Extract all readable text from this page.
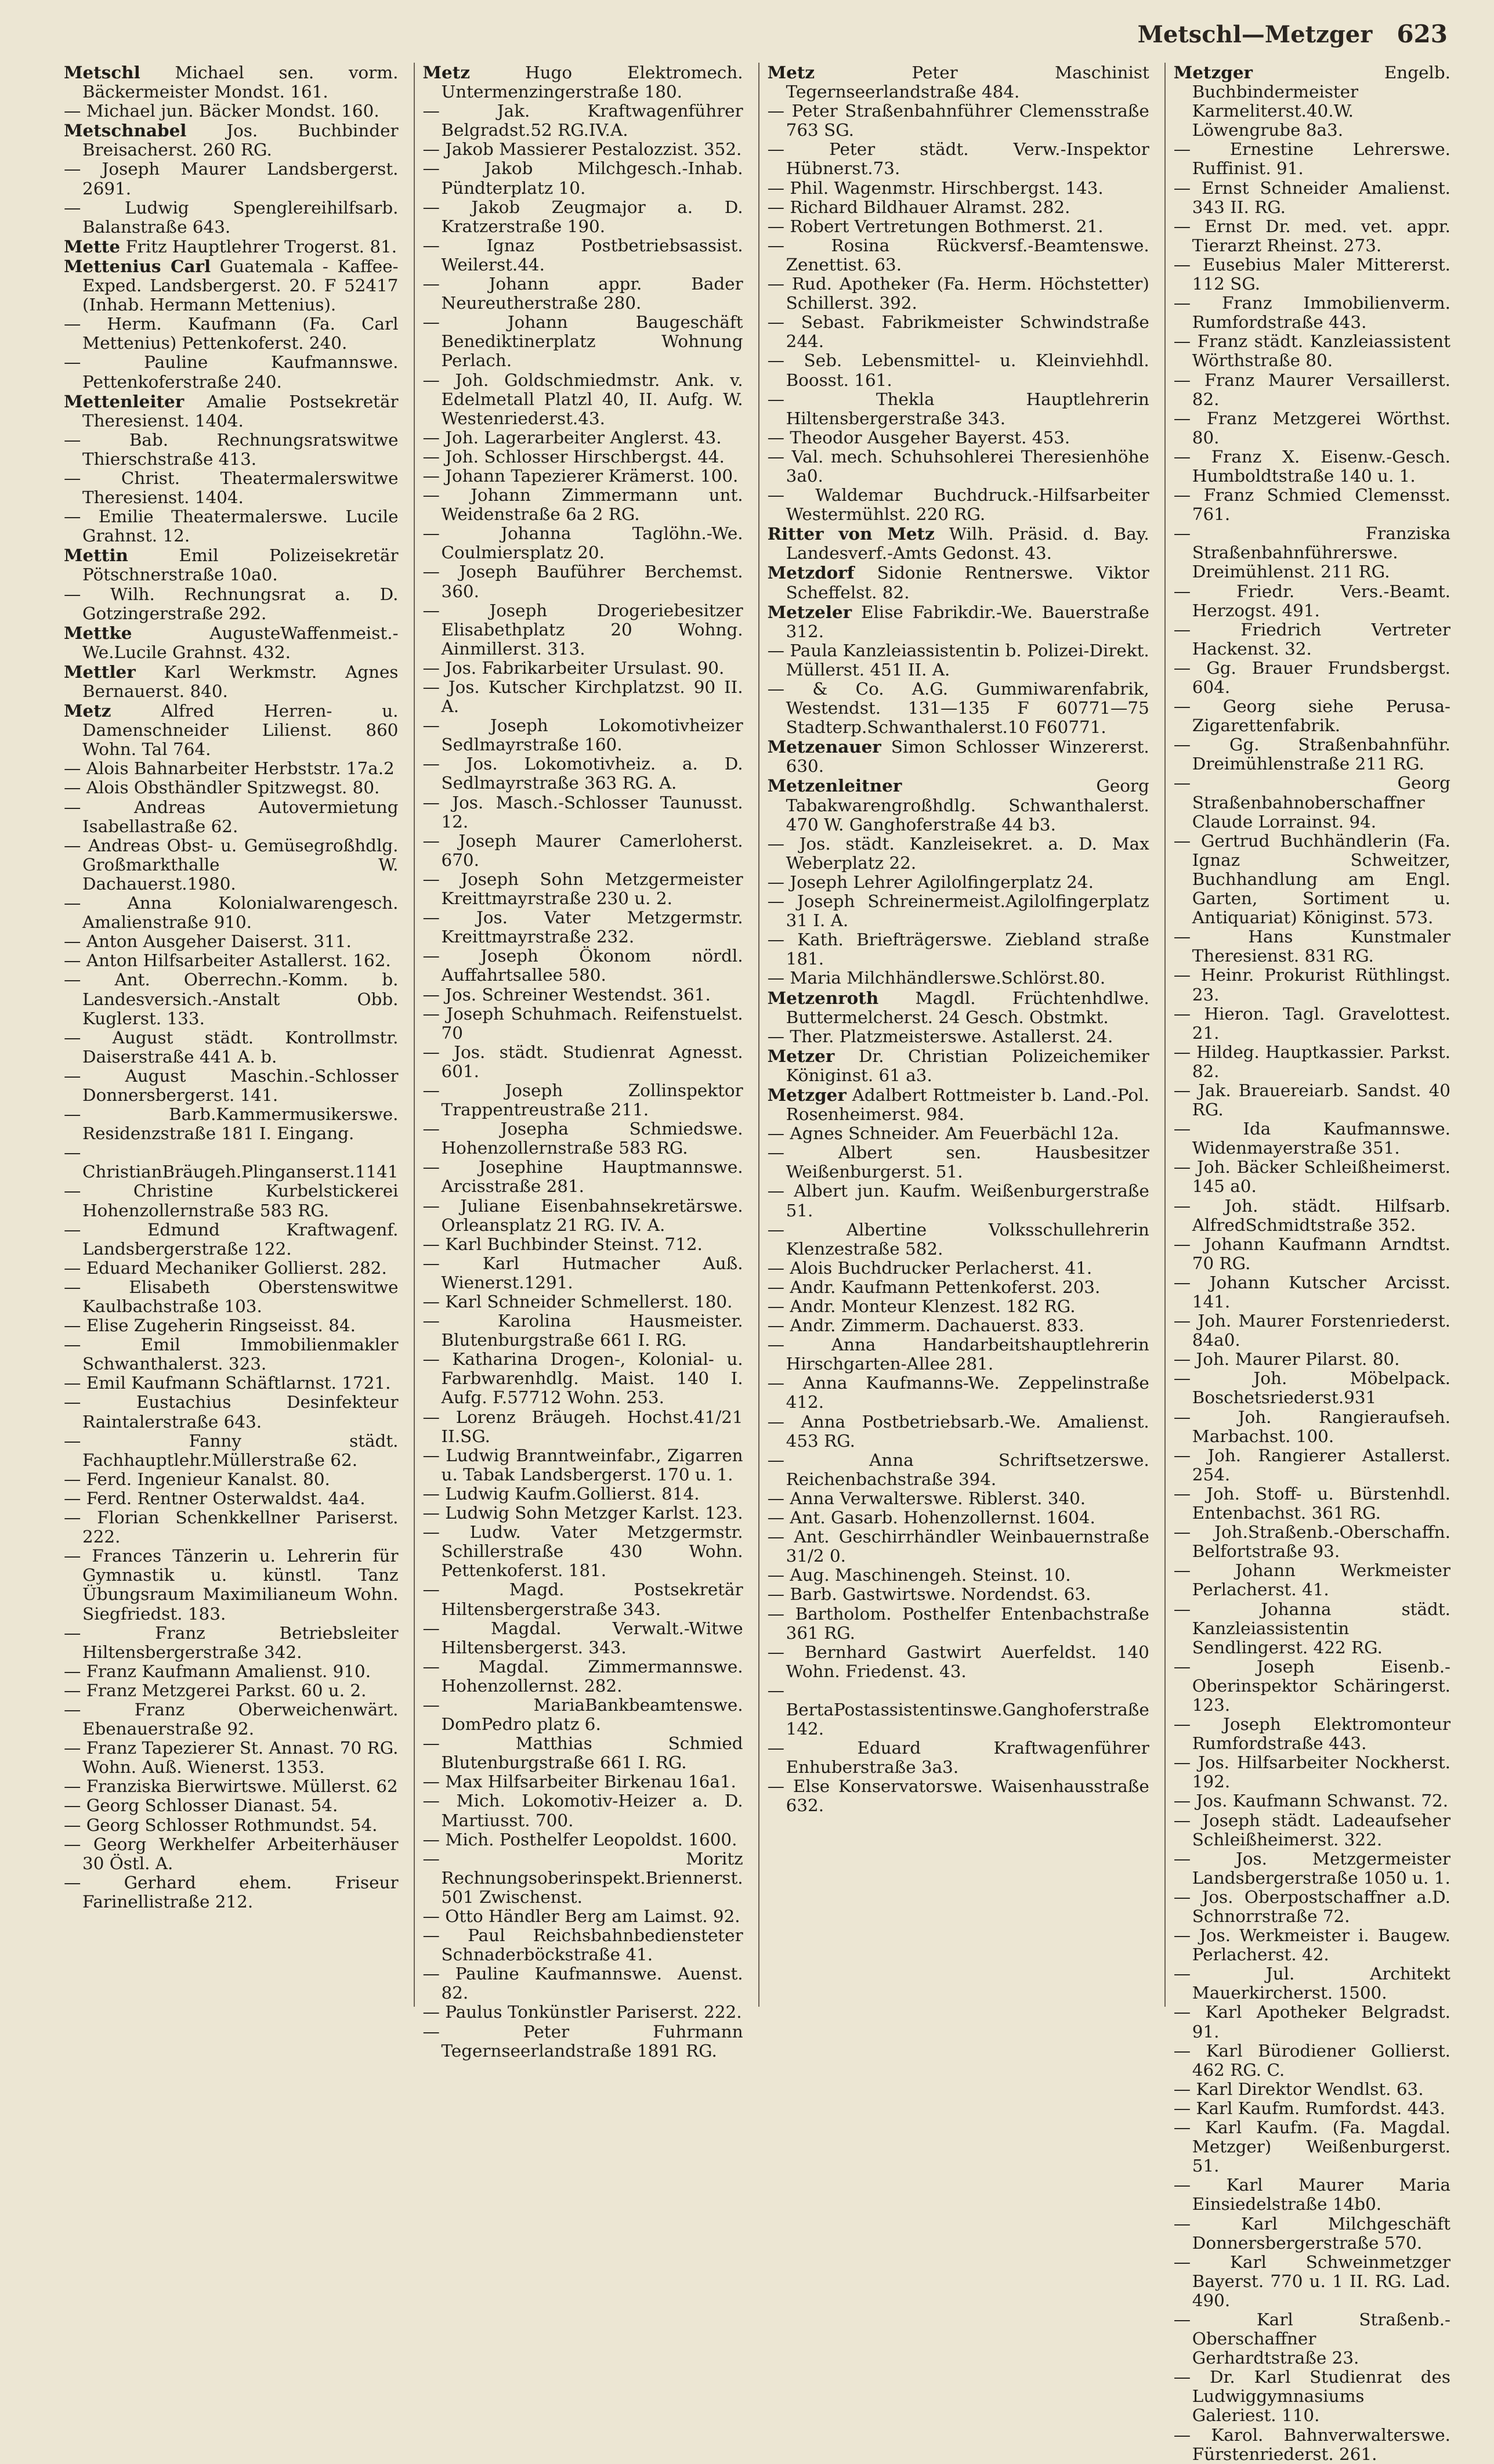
Metschl—Metzger 623

Metschl Michael sen. vorm. Bäckermeister Mondst. 161.

— Michael jun. Bäcker Mondst. 160.

Metschnabel Jos. Buchbinder Breisacherst. 260 RG.

— Joseph Maurer Landsbergerst. 2691.

— Ludwig Spenglereihilfsarb. Balanstraße 643.

Mette Fritz Hauptlehrer Trogerst. 81.

Mettenius Carl Guatemala - Kaffee-Exped. Landsbergerst. 20. F 52417 (Inhab. Hermann Mettenius).

— Herm. Kaufmann (Fa. Carl Mettenius) Pettenkoferst. 240.

— Pauline Kaufmannswe. Pettenkoferstraße 240.

Mettenleiter Amalie Postsekretär Theresienst. 1404.

— Bab. Rechnungsratswitwe Thierschstraße 413.

— Christ. Theatermalerswitwe Theresienst. 1404.

— Emilie Theatermalerswe. Lucile Grahnst. 12.

Mettin	Emil Polizeisekretär Pötschnerstraße 10a0.

— Wilh. Rechnungsrat a. D. Gotzingerstraße 292.

Mettke	AugusteWaffenmeist.-We.Lucile Grahnst. 432.

Mettler Karl Werkmstr. Agnes Bernauerst. 840.

Metz	Alfred Herren- u. Damenschneider Lilienst. 860 Wohn. Tal 764.

— Alois Bahnarbeiter Herbststr. 17a.2

— Alois Obsthändler Spitzwegst. 80.

— Andreas Autovermietung Isabellastraße 62.

— Andreas Obst- u. Gemüsegroßhdlg. Großmarkthalle W. Dachauerst.1980.

— Anna Kolonialwarengesch. Amalienstraße 910.

— Anton Ausgeher Daiserst. 311.

— Anton Hilfsarbeiter Astallerst. 162.

— Ant. Oberrechn.-Komm. b. Landesversich.-Anstalt Obb. Kuglerst. 133.

— August städt. Kontrollmstr. Daiserstraße 441 A. b.

— August Maschin.-Schlosser Donnersbergerst. 141.

— Barb.Kammermusikerswe. Residenzstraße 181 I. Eingang.

— ChristianBräugeh.Plinganserst.1141

— Christine Kurbelstickerei Hohenzollernstraße 583 RG.

— Edmund Kraftwagenf. Landsbergerstraße 122.

— Eduard Mechaniker Gollierst. 282.

— Elisabeth Oberstenswitwe Kaulbachstraße 103.

— Elise Zugeherin Ringseisst. 84.

— Emil Immobilienmakler Schwanthalerst. 323.

— Emil Kaufmann Schäftlarnst. 1721.

— Eustachius Desinfekteur Raintalerstraße 643.

— Fanny städt. Fachhauptlehr.Müllerstraße 62.

— Ferd. Ingenieur Kanalst. 80.

— Ferd. Rentner Osterwaldst. 4a4.

— Florian Schenkkellner Pariserst. 222.

— Frances Tänzerin u. Lehrerin für Gymnastik u. künstl. Tanz Übungsraum Maximilianeum Wohn. Siegfriedst. 183.

— Franz Betriebsleiter Hiltensbergerstraße 342.

— Franz Kaufmann Amalienst. 910.

— Franz Metzgerei Parkst. 60 u. 2.

— Franz Oberweichenwärt. Ebenauerstraße 92.

— Franz Tapezierer St. Annast. 70 RG. Wohn. Auß. Wienerst. 1353.

— Franziska Bierwirtswe. Müllerst. 62

— Georg Schlosser Dianast. 54.

— Georg Schlosser Rothmundst. 54.

— Georg Werkhelfer Arbeiterhäuser 30 Östl. A.

— Gerhard ehem. Friseur Farinellistraße 212.

Metz	Hugo Elektromech. Untermenzingerstraße 180.

— Jak. Kraftwagenführer Belgradst.52 RG.IV.A.

— Jakob Massierer Pestalozzist. 352.

— Jakob Milchgesch.-Inhab. Pündterplatz 10.

— Jakob Zeugmajor a. D. Kratzerstraße 190.

— Ignaz Postbetriebsassist. Weilerst.44.

— Johann appr. Bader Neureutherstraße 280.

— Johann Baugeschäft Benediktinerplatz Wohnung Perlach.

— Joh. Goldschmiedmstr. Ank. v. Edelmetall Platzl 40, II. Aufg. W. Westenriederst.43.

— Joh. Lagerarbeiter Anglerst. 43.

— Joh. Schlosser Hirschbergst. 44.

— Johann Tapezierer Krämerst. 100.

— Johann Zimmermann unt. Weidenstraße 6a 2 RG.

— Johanna Taglöhn.-We. Coulmiersplatz 20.

— Joseph Bauführer Berchemst. 360.

— Joseph Drogeriebesitzer Elisabethplatz 20 Wohng. Ainmillerst. 313.

— Jos. Fabrikarbeiter Ursulast. 90.

— Jos. Kutscher Kirchplatzst. 90 II. A.

— Joseph Lokomotivheizer Sedlmayrstraße 160.

— Jos. Lokomotivheiz. a. D. Sedlmayrstraße 363 RG. A.

— Jos. Masch.-Schlosser Taunusst. 12.

— Joseph Maurer Camerloherst. 670.

— Joseph Sohn Metzgermeister Kreittmayrstraße 230 u. 2.

— Jos. Vater Metzgermstr. Kreittmayrstraße 232.

— Joseph Ökonom nördl. Auffahrtsallee 580.

— Jos. Schreiner Westendst. 361.

— Joseph Schuhmach. Reifenstuelst. 70

— Jos. städt. Studienrat Agnesst. 601.

— Joseph Zollinspektor Trappentreustraße 211.

— Josepha Schmiedswe. Hohenzollernstraße 583 RG.

— Josephine Hauptmannswe. Arcisstraße 281.

— Juliane Eisenbahnsekretärswe. Orleansplatz 21 RG. IV. A.

— Karl Buchbinder Steinst. 712.

— Karl Hutmacher Auß. Wienerst.1291.

— Karl Schneider Schmellerst. 180.

— Karolina Hausmeister. Blutenburgstraße 661 I. RG.

— Katharina Drogen-, Kolonial- u. Farbwarenhdlg. Maist. 140 I. Aufg. F.57712 Wohn. 253.

— Lorenz Bräugeh. Hochst.41/21 II.SG.

— Ludwig Branntweinfabr., Zigarren u. Tabak Landsbergerst. 170 u. 1.

— Ludwig Kaufm.Gollierst. 814.

— Ludwig Sohn Metzger Karlst. 123.

— Ludw. Vater Metzgermstr. Schillerstraße 430 Wohn. Pettenkoferst. 181.

— Magd. Postsekretär Hiltensbergerstraße 343.

— Magdal. Verwalt.-Witwe Hiltensbergerst. 343.

— Magdal. Zimmermannswe. Hohenzollernst. 282.

— MariaBankbeamtenswe. DomPedro platz 6.

— Matthias Schmied Blutenburgstraße 661 I. RG.

— Max Hilfsarbeiter Birkenau 16a1.

— Mich. Lokomotiv-Heizer a. D. Martiusst. 700.

— Mich. Posthelfer Leopoldst. 1600.

— Moritz Rechnungsoberinspekt.Briennerst. 501 Zwischenst.

— Otto Händler Berg am Laimst. 92.

— Paul Reichsbahnbediensteter Schnaderböckstraße 41.

— Pauline Kaufmannswe. Auenst. 82.

— Paulus Tonkünstler Pariserst. 222.

— Peter Fuhrmann Tegernseerlandstraße 1891 RG.

Metz	Peter Maschinist Tegernseerlandstraße 484.

— Peter Straßenbahnführer Clemensstraße 763 SG.

— Peter städt. Verw.-Inspektor Hübnerst.73.

— Phil. Wagenmstr. Hirschbergst. 143.

— Richard Bildhauer Alramst. 282.

— Robert Vertretungen Bothmerst. 21.

— Rosina Rückversf.-Beamtenswe. Zenettist. 63.

— Rud. Apotheker (Fa. Herm. Höchstetter) Schillerst. 392.

— Sebast. Fabrikmeister Schwindstraße 244.

— Seb. Lebensmittel- u. Kleinviehhdl. Boosst. 161.

— Thekla Hauptlehrerin Hiltensbergerstraße 343.

— Theodor Ausgeher Bayerst. 453.

— Val. mech. Schuhsohlerei Theresienhöhe 3a0.

— Waldemar Buchdruck.-Hilfsarbeiter Westermühlst. 220 RG.

Ritter von Metz Wilh. Präsid. d. Bay. Landesverf.-Amts Gedonst. 43.

Metzdorf Sidonie Rentnerswe. Viktor Scheffelst. 82.

Metzeler Elise Fabrikdir.-We. Bauerstraße 312.

— Paula Kanzleiassistentin b. Polizei-Direkt. Müllerst. 451 II. A.

— & Co. A.G. Gummiwarenfabrik, Westendst. 131—135 F 60771—75 Stadterp.Schwanthalerst.10 F60771.

Metzenauer Simon Schlosser Winzererst. 630.

Metzenleitner	Georg Tabakwarengroßhdlg. Schwanthalerst. 470 W. Ganghoferstraße 44 b3.

— Jos. städt. Kanzleisekret. a. D. Max Weberplatz 22.

— Joseph Lehrer Agilolfingerplatz 24.

— Joseph Schreinermeist.Agilolfingerplatz 31 I. A.

— Kath. Briefträgerswe. Ziebland straße 181.

— Maria Milchhändlerswe.Schlörst.80.

Metzenroth Magdl. Früchtenhdlwe. Buttermelcherst. 24 Gesch. Obstmkt.

— Ther. Platzmeisterswe. Astallerst. 24.

Metzer Dr. Christian Polizeichemiker Königinst. 61 a3.

Metzger Adalbert Rottmeister b. Land.-Pol. Rosenheimerst. 984.

— Agnes Schneider. Am Feuerbächl 12a.

— Albert sen. Hausbesitzer Weißenburgerst. 51.

— Albert jun. Kaufm. Weißenburgerstraße 51.

— Albertine Volksschullehrerin Klenzestraße 582.

— Alois Buchdrucker Perlacherst. 41.

— Andr. Kaufmann Pettenkoferst. 203.

— Andr. Monteur Klenzest. 182 RG.

— Andr. Zimmerm. Dachauerst. 833.

— Anna Handarbeitshauptlehrerin Hirschgarten-Allee 281.

— Anna Kaufmanns-We. Zeppelinstraße 412.

— Anna Postbetriebsarb.-We. Amalienst. 453 RG.

— Anna Schriftsetzerswe. Reichenbachstraße 394.

— Anna Verwalterswe. Riblerst. 340.

— Ant. Gasarb. Hohenzollernst. 1604.

— Ant. Geschirrhändler Weinbauernstraße 31/2 0.

— Aug. Maschinengeh. Steinst. 10.

— Barb. Gastwirtswe. Nordendst. 63.

— Bartholom. Posthelfer Entenbachstraße 361 RG.

— Bernhard Gastwirt Auerfeldst. 140 Wohn. Friedenst. 43.

— BertaPostassistentinswe.Ganghoferstraße 142.

— Eduard Kraftwagenführer Enhuberstraße 3a3.

— Else Konservatorswe. Waisenhausstraße 632.

Metzger	Engelb. Buchbindermeister Karmeliterst.40.W. Löwengrube 8a3.

— Ernestine Lehrerswe. Ruffinist. 91.

— Ernst Schneider Amalienst. 343 II. RG.

— Ernst Dr. med. vet. appr. Tierarzt Rheinst. 273.

— Eusebius Maler Mittererst. 112 SG.

— Franz Immobilienverm. Rumfordstraße 443.

— Franz städt. Kanzleiassistent Wörthstraße 80.

— Franz Maurer Versaillerst. 82.

— Franz Metzgerei Wörthst. 80.

— Franz X. Eisenw.-Gesch. Humboldtstraße 140 u. 1.

— Franz Schmied Clemensst. 761.

— Franziska Straßenbahnführerswe. Dreimühlenst. 211 RG.

— Friedr. Vers.-Beamt. Herzogst. 491.

— Friedrich Vertreter Hackenst. 32.

— Gg. Brauer Frundsbergst. 604.

— Georg siehe Perusa-Zigarettenfabrik.

— Gg. Straßenbahnführ. Dreimühlenstraße 211 RG.

— Georg Straßenbahnoberschaffner Claude Lorrainst. 94.

— Gertrud Buchhändlerin (Fa. Ignaz Schweitzer, Buchhandlung am Engl. Garten, Sortiment u. Antiquariat) Königinst. 573.

— Hans Kunstmaler Theresienst. 831 RG.

— Heinr. Prokurist Rüthlingst. 23.

— Hieron. Tagl. Gravelottest. 21.

— Hildeg. Hauptkassier. Parkst. 82.

— Jak. Brauereiarb. Sandst. 40 RG.

— Ida Kaufmannswe. Widenmayerstraße 351.

— Joh. Bäcker Schleißheimerst. 145 a0.

— Joh. städt. Hilfsarb. AlfredSchmidtstraße 352.

— Johann Kaufmann Arndtst. 70 RG.

— Johann Kutscher Arcisst. 141.

— Joh. Maurer Forstenriederst. 84a0.

— Joh. Maurer Pilarst. 80.

— Joh. Möbelpack. Boschetsriederst.931

— Joh. Rangieraufseh. Marbachst. 100.

— Joh. Rangierer Astallerst. 254.

— Joh. Stoff- u. Bürstenhdl. Entenbachst. 361 RG.

— Joh.Straßenb.-Oberschaffn. Belfortstraße 93.

— Johann Werkmeister Perlacherst. 41.

— Johanna städt. Kanzleiassistentin Sendlingerst. 422 RG.

— Joseph Eisenb.-Oberinspektor Schäringerst. 123.

— Joseph Elektromonteur Rumfordstraße 443.

— Jos. Hilfsarbeiter Nockherst. 192.

— Jos. Kaufmann Schwanst. 72.

— Joseph städt. Ladeaufseher Schleißheimerst. 322.

— Jos. Metzgermeister Landsbergerstraße 1050 u. 1.

— Jos. Oberpostschaffner a.D. Schnorrstraße 72.

— Jos. Werkmeister i. Baugew. Perlacherst. 42.

— Jul. Architekt Mauerkircherst. 1500.

— Karl Apotheker Belgradst. 91.

— Karl Bürodiener Gollierst. 462 RG. C.

— Karl Direktor Wendlst. 63.

— Karl Kaufm. Rumfordst. 443.

— Karl Kaufm. (Fa. Magdal. Metzger) Weißenburgerst. 51.

— Karl Maurer Maria Einsiedelstraße 14b0.

— Karl Milchgeschäft Donnersbergerstraße 570.

— Karl Schweinmetzger Bayerst. 770 u. 1 II. RG. Lad. 490.

— Karl Straßenb.-Oberschaffner Gerhardtstraße 23.

— Dr. Karl Studienrat des Ludwiggymnasiums Galeriest. 110.

— Karol. Bahnverwalterswe. Fürstenriederst. 261.
